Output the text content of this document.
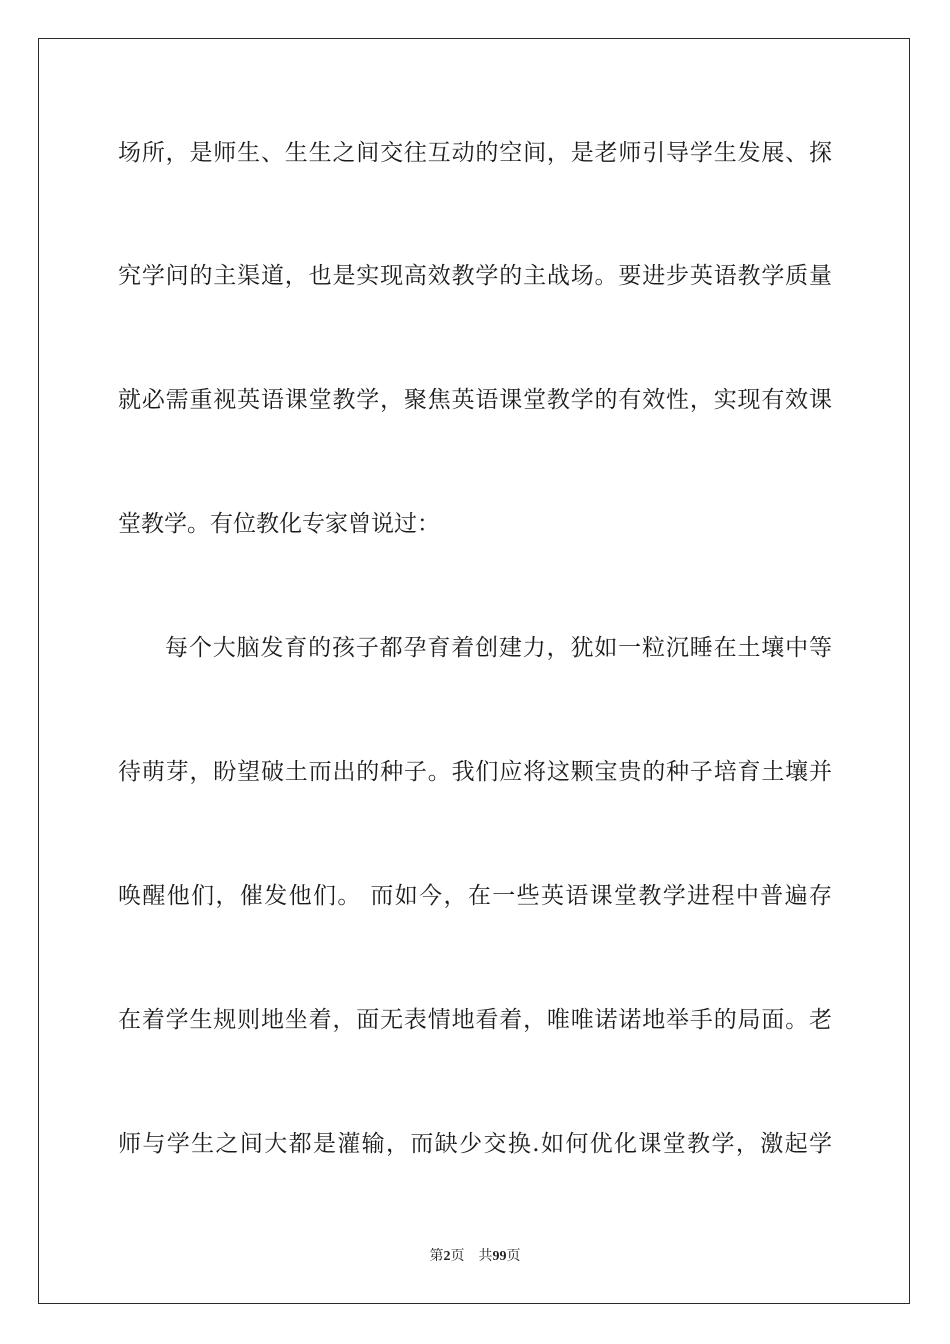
场所，是师生、生生之间交往互动的空间，是老师引导学生发展、探
究学问的主渠道，也是实现高效教学的主战场。要进步英语教学质量
就必需重视英语课堂教学，聚焦英语课堂教学的有效性，实现有效课
堂教学。有位教化专家曾说过：
每个大脑发育的孩子都孕育着创建力，犹如一粒沉睡在土壤中等
待萌芽，盼望破土而出的种子。我们应将这颗宝贵的种子培育土壤并
唤醒他们，催发他们。 而如今，在一些英语课堂教学进程中普遍存
在着学生规则地坐着，面无表情地看着，唯唯诺诺地举手的局面。老
师与学生之间大都是灌输，而缺少交换.如何优化课堂教学，激起学
第2页 共99页
